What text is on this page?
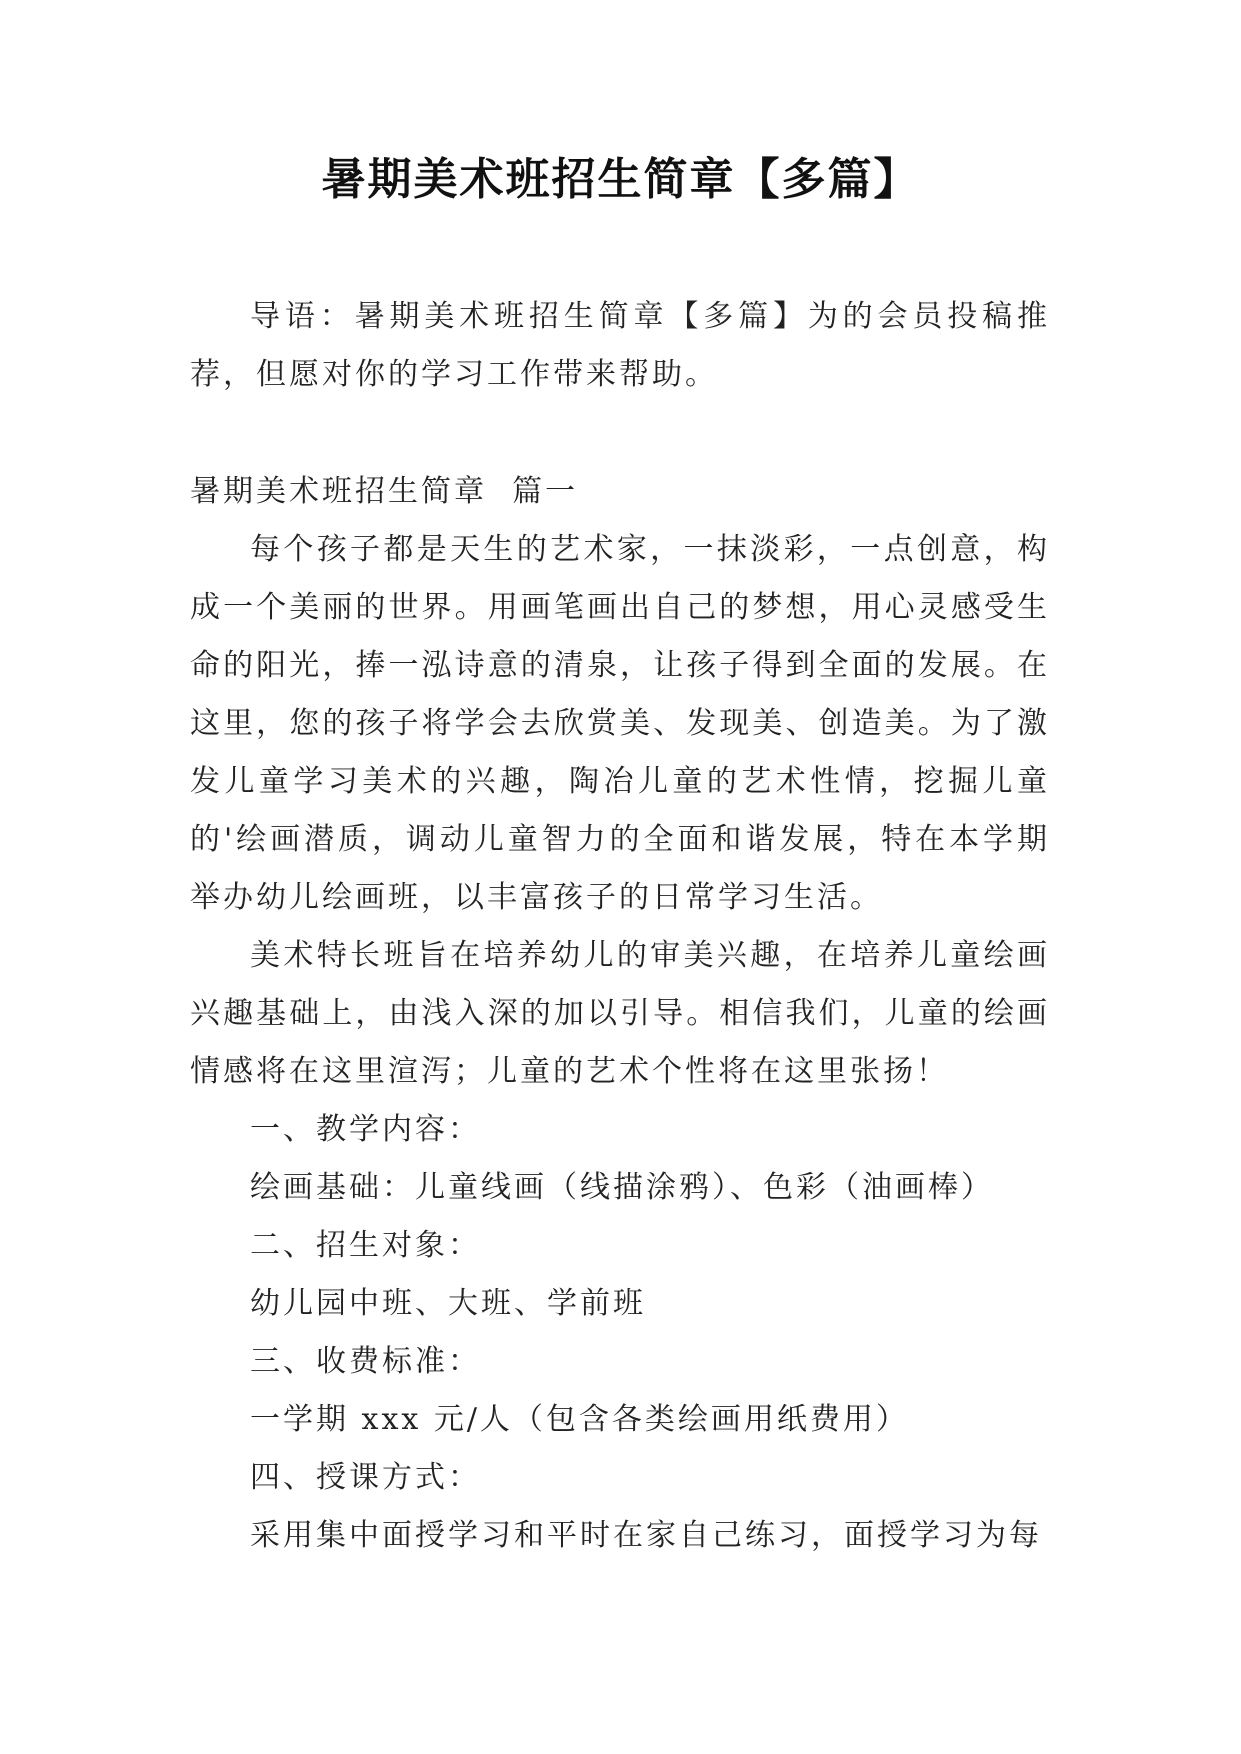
暑期美术班招生简章【多篇】

导语：暑期美术班招生简章【多篇】为的会员投稿推荐，但愿对你的学习工作带来帮助。

暑期美术班招生简章  篇一

每个孩子都是天生的艺术家，一抹淡彩，一点创意，构成一个美丽的世界。用画笔画出自己的梦想，用心灵感受生命的阳光，捧一泓诗意的清泉，让孩子得到全面的发展。在这里，您的孩子将学会去欣赏美、发现美、创造美。为了激发儿童学习美术的兴趣，陶冶儿童的艺术性情，挖掘儿童的'绘画潜质，调动儿童智力的全面和谐发展，特在本学期举办幼儿绘画班，以丰富孩子的日常学习生活。

美术特长班旨在培养幼儿的审美兴趣，在培养儿童绘画兴趣基础上，由浅入深的加以引导。相信我们，儿童的绘画情感将在这里渲泻；儿童的艺术个性将在这里张扬！

一、教学内容：

绘画基础：儿童线画（线描涂鸦）、色彩（油画棒）

二、招生对象：

幼儿园中班、大班、学前班

三、收费标准：

一学期 xxx 元/人（包含各类绘画用纸费用）

四、授课方式：

采用集中面授学习和平时在家自己练习，面授学习为每
